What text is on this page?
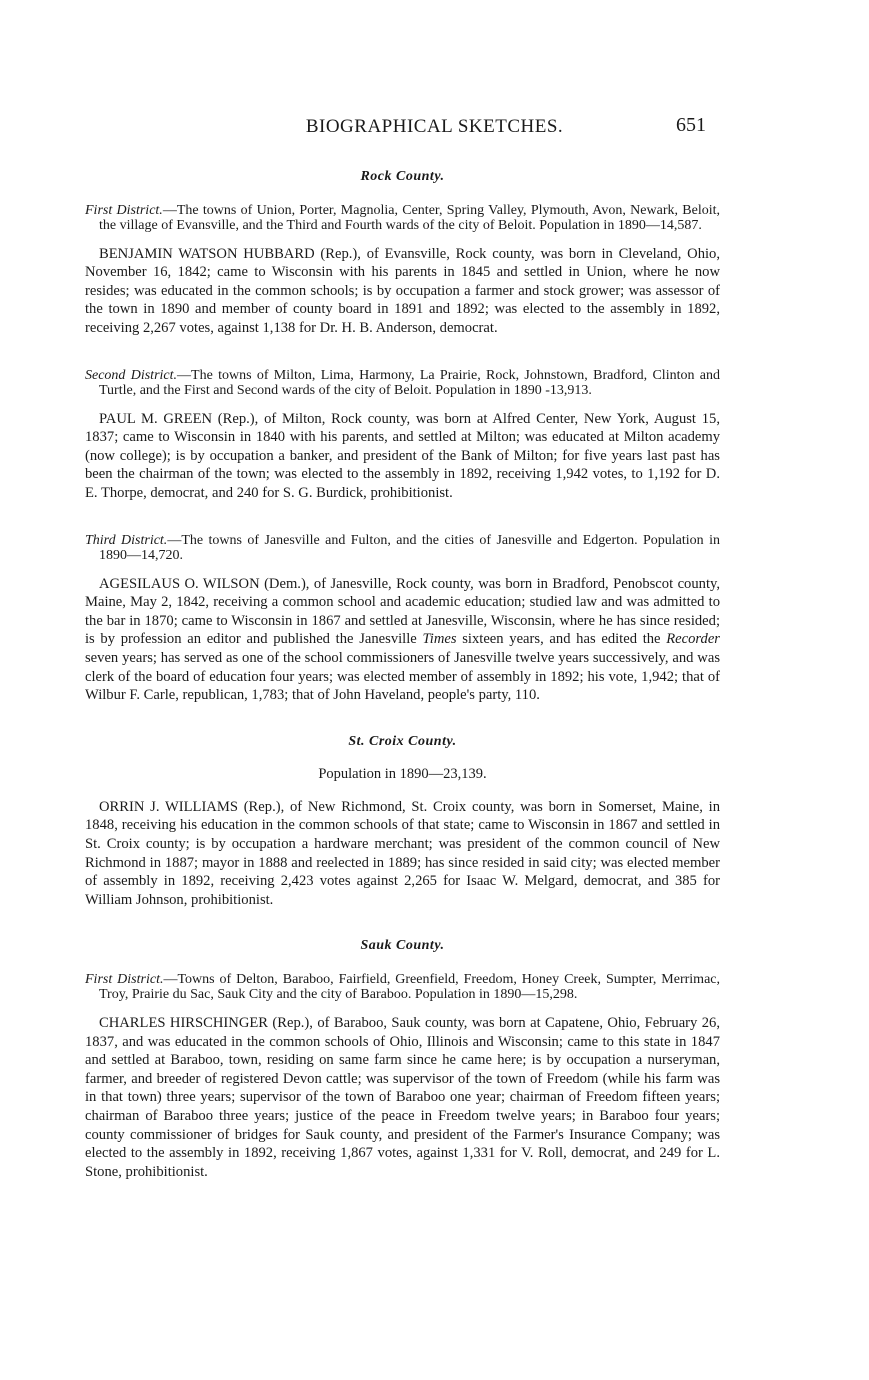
BIOGRAPHICAL SKETCHES.	651
Rock County.

First District.—The towns of Union, Porter, Magnolia, Center, Spring Valley, Plymouth, Avon, Newark, Beloit, the village of Evansville, and the Third and Fourth wards of the city of Beloit. Population in 1890—14,587.

BENJAMIN WATSON HUBBARD (Rep.), of Evansville, Rock county, was born in Cleveland, Ohio, November 16, 1842; came to Wisconsin with his parents in 1845 and settled in Union, where he now resides; was educated in the common schools; is by occupation a farmer and stock grower; was assessor of the town in 1890 and member of county board in 1891 and 1892; was elected to the assembly in 1892, receiving 2,267 votes, against 1,138 for Dr. H. B. Anderson, democrat.

Second District.—The towns of Milton, Lima, Harmony, La Prairie, Rock, Johnstown, Bradford, Clinton and Turtle, and the First and Second wards of the city of Beloit. Population in 1890 -13,913.

PAUL M. GREEN (Rep.), of Milton, Rock county, was born at Alfred Center, New York, August 15, 1837; came to Wisconsin in 1840 with his parents, and settled at Milton; was educated at Milton academy (now college); is by occupation a banker, and president of the Bank of Milton; for five years last past has been the chairman of the town; was elected to the assembly in 1892, receiving 1,942 votes, to 1,192 for D. E. Thorpe, democrat, and 240 for S. G. Burdick, prohibitionist.

Third District.—The towns of Janesville and Fulton, and the cities of Janesville and Edgerton. Population in 1890—14,720.

AGESILAUS O. WILSON (Dem.), of Janesville, Rock county, was born in Bradford, Penobscot county, Maine, May 2, 1842, receiving a common school and academic education; studied law and was admitted to the bar in 1870; came to Wisconsin in 1867 and settled at Janesville, Wisconsin, where he has since resided; is by profession an editor and published the Janesville Times sixteen years, and has edited the Recorder seven years; has served as one of the school commissioners of Janesville twelve years successively, and was clerk of the board of education four years; was elected member of assembly in 1892; his vote, 1,942; that of Wilbur F. Carle, republican, 1,783; that of John Haveland, people's party, 110.

St. Croix County.
Population in 1890—23,139.

ORRIN J. WILLIAMS (Rep.), of New Richmond, St. Croix county, was born in Somerset, Maine, in 1848, receiving his education in the common schools of that state; came to Wisconsin in 1867 and settled in St. Croix county; is by occupation a hardware merchant; was president of the common council of New Richmond in 1887; mayor in 1888 and reelected in 1889; has since resided in said city; was elected member of assembly in 1892, receiving 2,423 votes against 2,265 for Isaac W. Melgard, democrat, and 385 for William Johnson, prohibitionist.

Sauk County.

First District.—Towns of Delton, Baraboo, Fairfield, Greenfield, Freedom, Honey Creek, Sumpter, Merrimac, Troy, Prairie du Sac, Sauk City and the city of Baraboo. Population in 1890—15,298.

CHARLES HIRSCHINGER (Rep.), of Baraboo, Sauk county, was born at Capatene, Ohio, February 26, 1837, and was educated in the common schools of Ohio, Illinois and Wisconsin; came to this state in 1847 and settled at Baraboo, town, residing on same farm since he came here; is by occupation a nurseryman, farmer, and breeder of registered Devon cattle; was supervisor of the town of Freedom (while his farm was in that town) three years; supervisor of the town of Baraboo one year; chairman of Freedom fifteen years; chairman of Baraboo three years; justice of the peace in Freedom twelve years; in Baraboo four years; county commissioner of bridges for Sauk county, and president of the Farmer's Insurance Company; was elected to the assembly in 1892, receiving 1,867 votes, against 1,331 for V. Roll, democrat, and 249 for L. Stone, prohibitionist.
